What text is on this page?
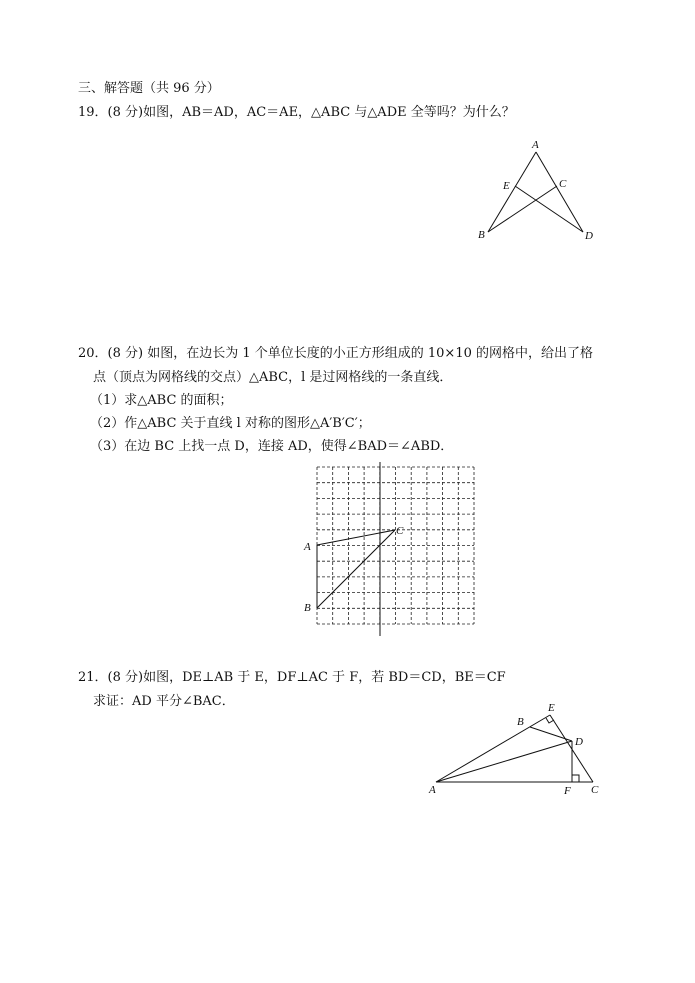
三、解答题（共 96 分）
19．(8 分)如图，AB＝AD，AC＝AE，△ABC 与△ADE 全等吗？为什么？
A
E	C
B	D
20．(8 分) 如图，在边长为 1 个单位长度的小正方形组成的 10×10 的网格中，给出了格
点（顶点为网格线的交点）△ABC，l 是过网格线的一条直线．
（1）求△ABC 的面积；
（2）作△ABC 关于直线 l 对称的图形△A′B′C′；
（3）在边 BC 上找一点 D，连接 AD，使得∠BAD＝∠ABD．
A
B
C
21．(8 分)如图，DE⊥AB 于 E，DF⊥AC 于 F，若 BD＝CD，BE＝CF
求证：AD 平分∠BAC．
A
B
E
D
F C
